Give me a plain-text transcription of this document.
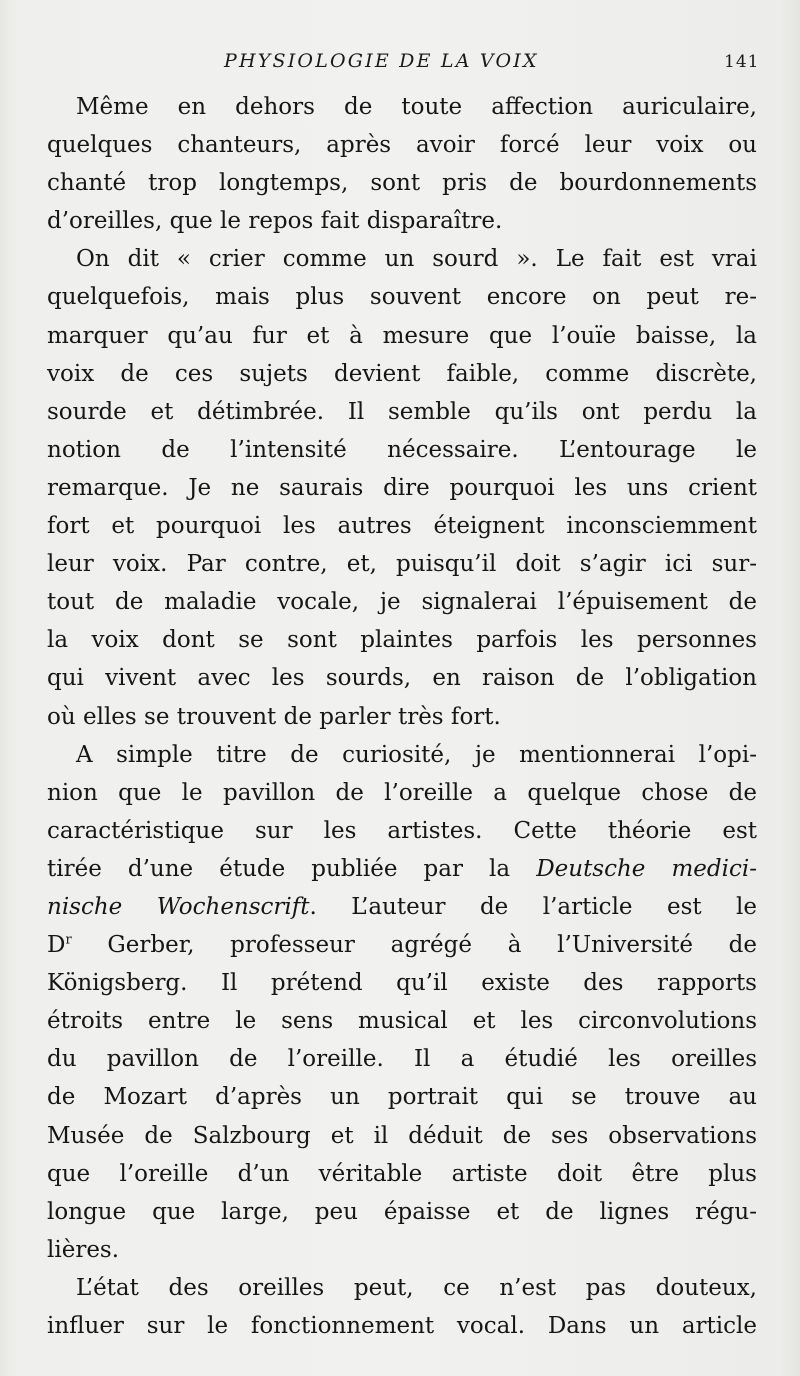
PHYSIOLOGIE DE LA VOIX	141
Même en dehors de toute affection auriculaire,
quelques chanteurs, après avoir forcé leur voix ou
chanté trop longtemps, sont pris de bourdonnements
d’oreilles, que le repos fait disparaître.
On dit « crier comme un sourd ». Le fait est vrai
quelquefois, mais plus souvent encore on peut re-
marquer qu’au fur et à mesure que l’ouïe baisse, la
voix de ces sujets devient faible, comme discrète,
sourde et détimbrée. Il semble qu’ils ont perdu la
notion de l’intensité nécessaire. L’entourage le
remarque. Je ne saurais dire pourquoi les uns crient
fort et pourquoi les autres éteignent inconsciemment
leur voix. Par contre, et, puisqu’il doit s’agir ici sur-
tout de maladie vocale, je signalerai l’épuisement de
la voix dont se sont plaintes parfois les personnes
qui vivent avec les sourds, en raison de l’obligation
où elles se trouvent de parler très fort.
A simple titre de curiosité, je mentionnerai l’opi-
nion que le pavillon de l’oreille a quelque chose de
caractéristique sur les artistes. Cette théorie est
tirée d’une étude publiée par la Deutsche medici-
nische Wochenscrift. L’auteur de l’article est le
$D^r$ Gerber, professeur agrégé à l’Université de
Königsberg. Il prétend qu’il existe des rapports
étroits entre le sens musical et les circonvolutions
du pavillon de l’oreille. Il a étudié les oreilles
de Mozart d’après un portrait qui se trouve au
Musée de Salzbourg et il déduit de ses observations
que l’oreille d’un véritable artiste doit être plus
longue que large, peu épaisse et de lignes régu-
lières.
L’état des oreilles peut, ce n’est pas douteux,
influer sur le fonctionnement vocal. Dans un article
